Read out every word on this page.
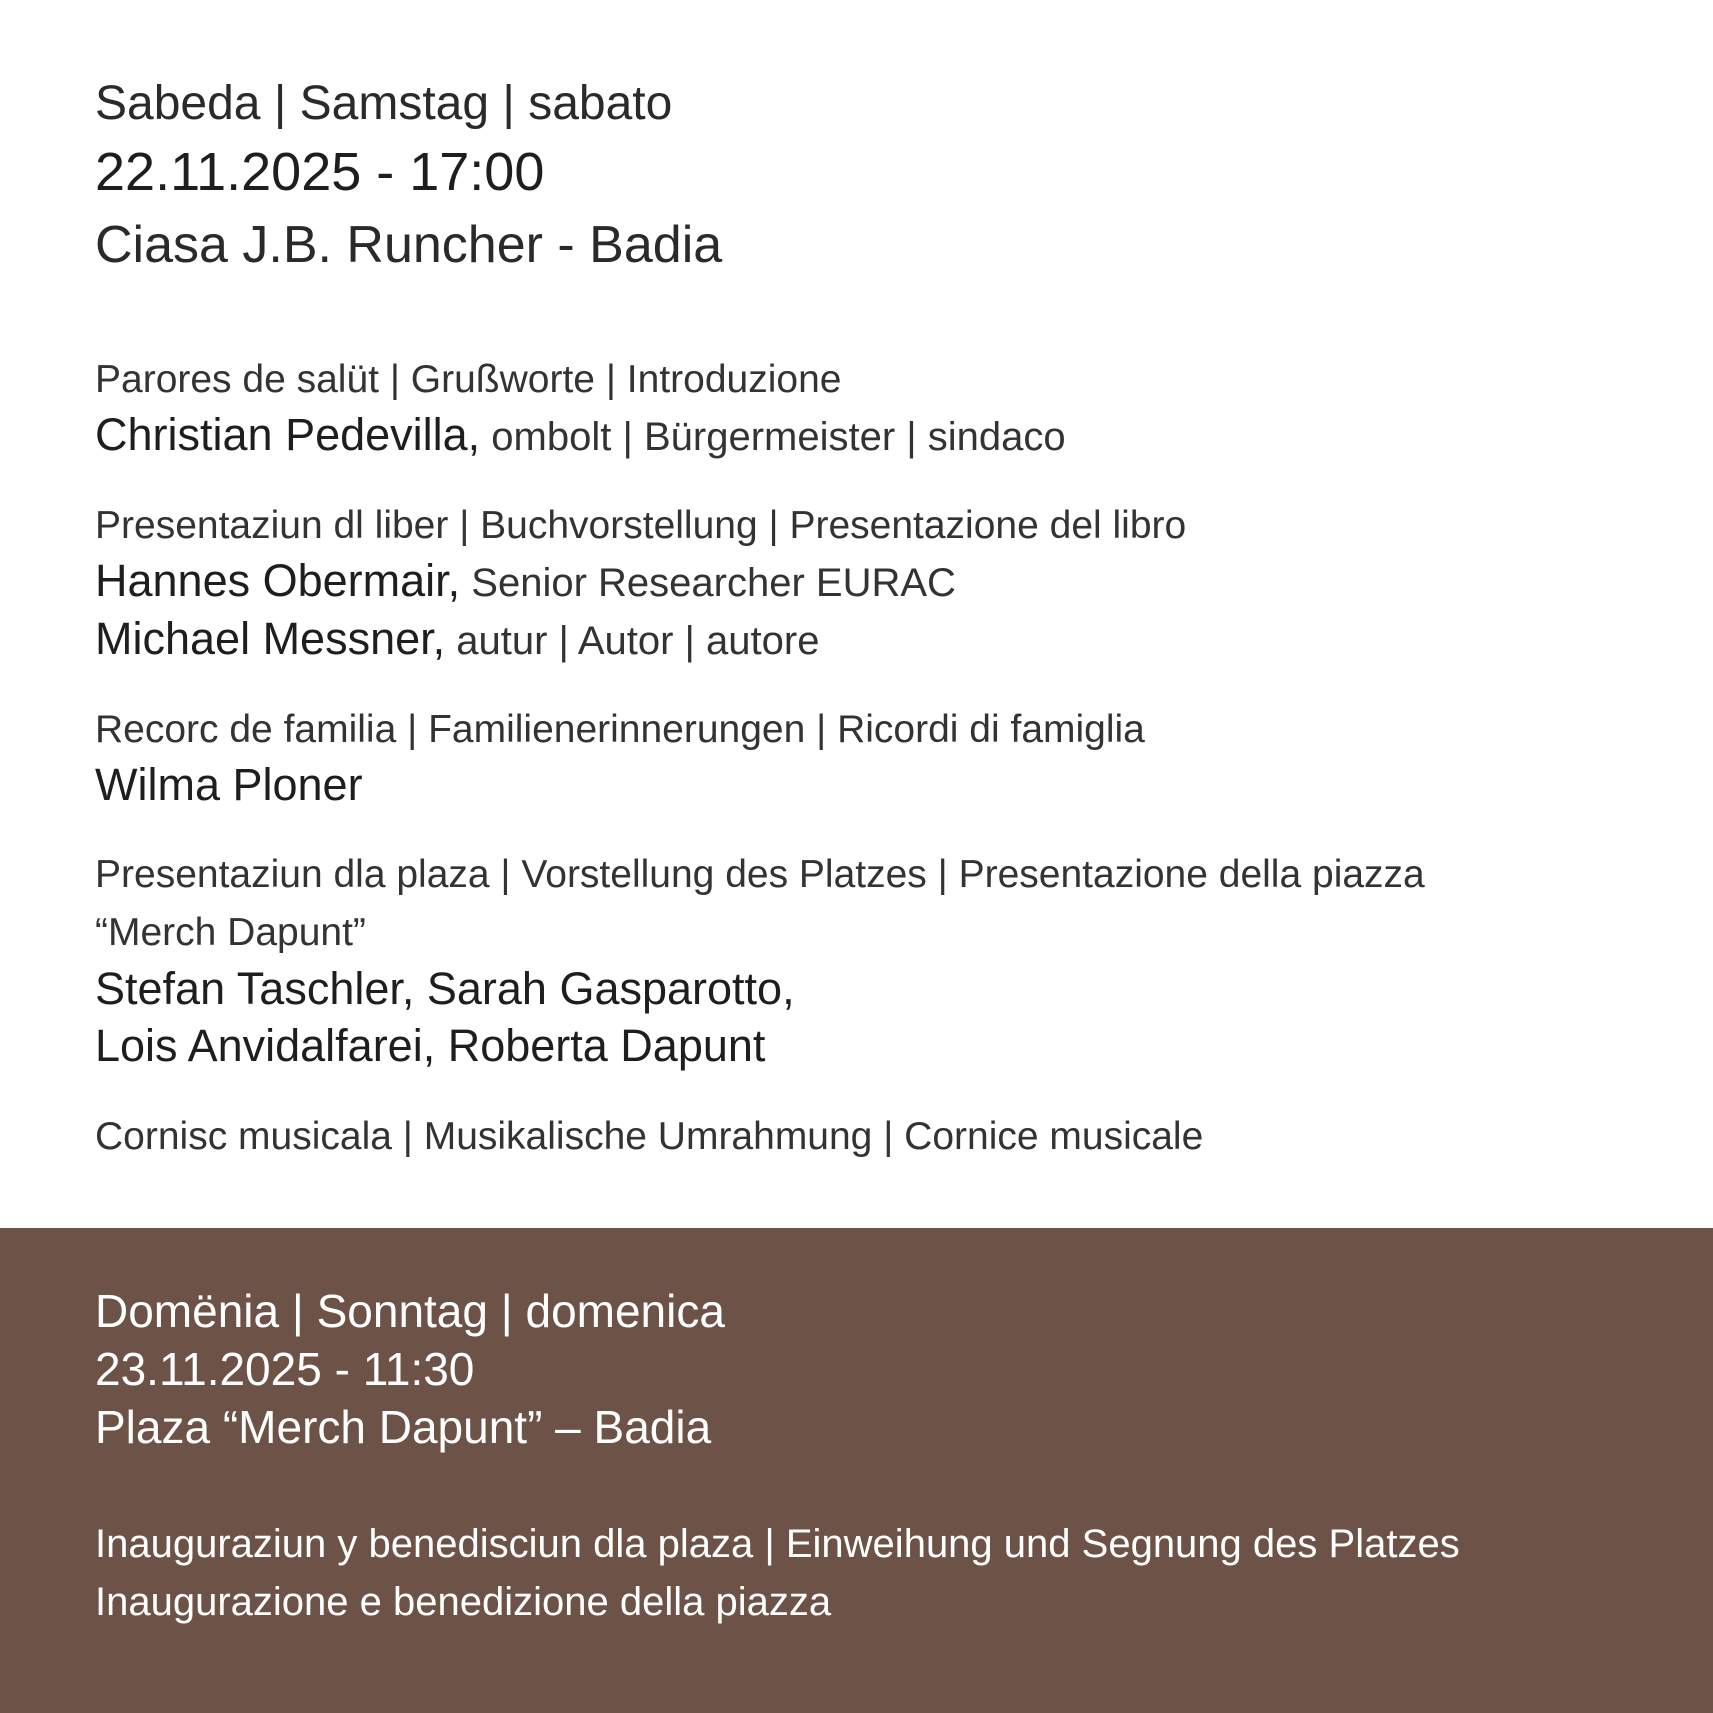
Sabeda | Samstag | sabato

22.11.2025 - 17:00

Ciasa J.B. Runcher - Badia

Parores de salüt | Grußworte | Introduzione

Christian Pedevilla, ombolt | Bürgermeister | sindaco

Presentaziun dl liber | Buchvorstellung | Presentazione del libro

Hannes Obermair, Senior Researcher EURAC

Michael Messner, autur | Autor | autore

Recorc de familia | Familienerinnerungen | Ricordi di famiglia

Wilma Ploner

Presentaziun dla plaza | Vorstellung des Platzes | Presentazione della piazza

“Merch Dapunt”

Stefan Taschler, Sarah Gasparotto,

Lois Anvidalfarei, Roberta Dapunt

Cornisc musicala | Musikalische Umrahmung | Cornice musicale

Domënia | Sonntag | domenica

23.11.2025 - 11:30

Plaza “Merch Dapunt” – Badia

Inauguraziun y benedisciun dla plaza | Einweihung und Segnung des Platzes

Inaugurazione e benedizione della piazza
